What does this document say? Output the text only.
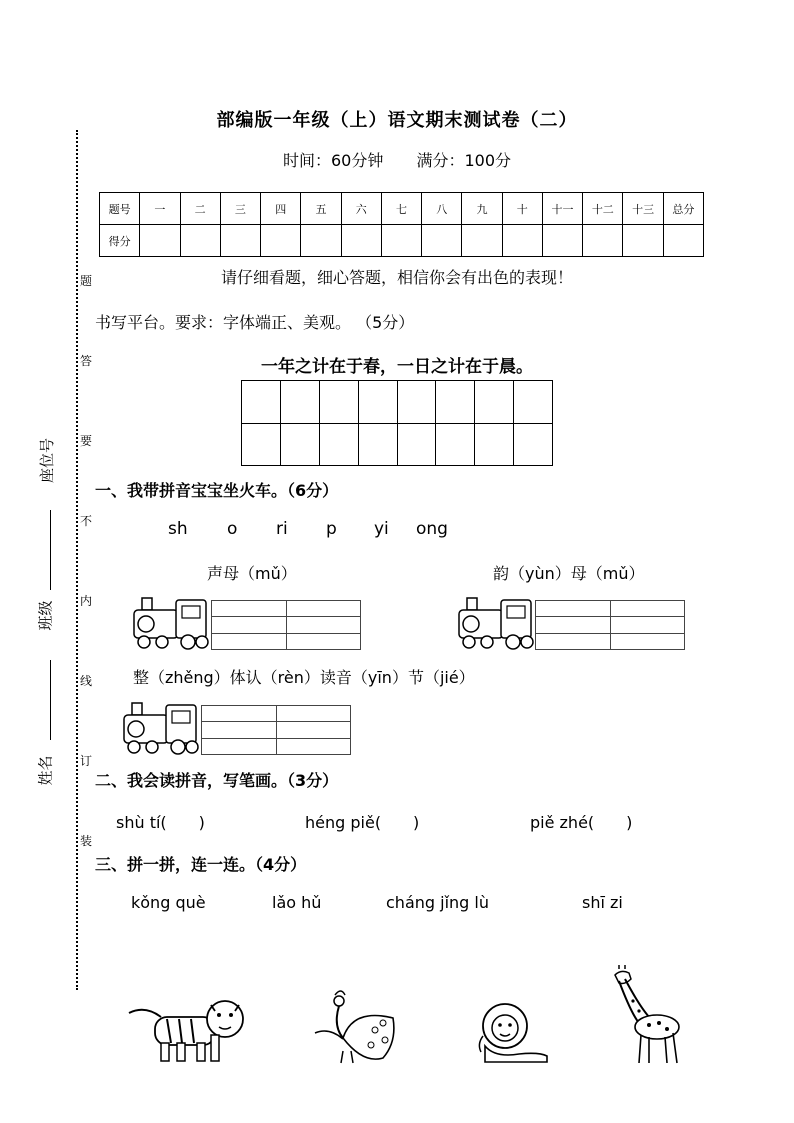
题
答
要
不
内
线
订
装
座位号
班级
姓名
部编版一年级（上）语文期末测试卷（二）
时间：60分钟 满分：100分
题号	一	二	三	四	五	六	七	八	九	十	十一	十二	十三	总分
得分														
请仔细看题，细心答题，相信你会有出色的表现！
书写平台。要求：字体端正、美观。 （5分）
一年之计在于春，一日之计在于晨。

一、我带拼音宝宝坐火车。（6分）
sh o ri p yi ong
声母（mǔ）	韵（yùn）母（mǔ）

整（zhěng）体认（rèn）读音（yīn）节（jié）

二、我会读拼音，写笔画。（3分）
shù tí(　　)	héng piě(　　)	piě zhé(　　)
三、拼一拼，连一连。（4分）
kǒng què	lǎo hǔ	cháng jǐng lù	shī zi
